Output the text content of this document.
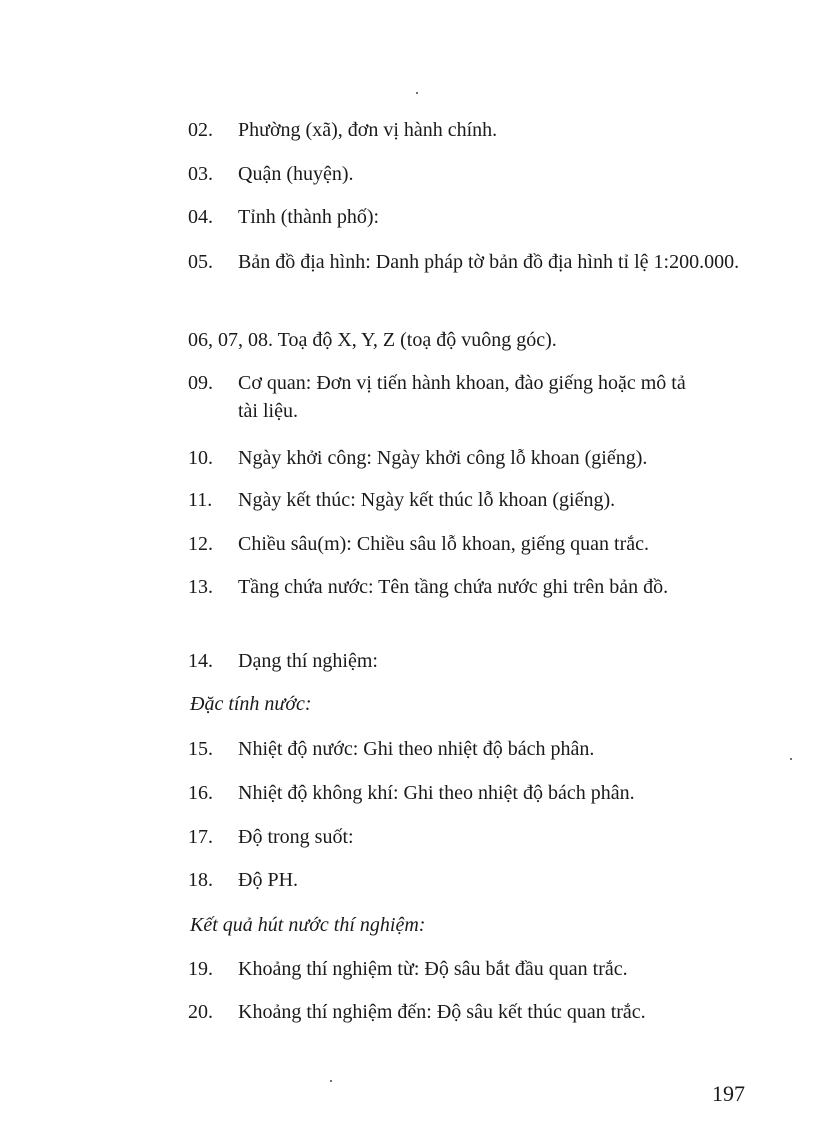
02.	Phường (xã), đơn vị hành chính.
03.	Quận (huyện).
04.	Tỉnh (thành phố):
05.	Bản đồ địa hình: Danh pháp tờ bản đồ địa hình tỉ lệ 1:200.000.
06, 07, 08. Toạ độ X, Y, Z (toạ độ vuông góc).
09.	Cơ quan: Đơn vị tiến hành khoan, đào giếng hoặc mô tả tài liệu.
10.	Ngày khởi công: Ngày khởi công lỗ khoan (giếng).
11.	Ngày kết thúc: Ngày kết thúc lỗ khoan (giếng).
12.	Chiều sâu(m): Chiều sâu lỗ khoan, giếng quan trắc.
13.	Tầng chứa nước: Tên tầng chứa nước ghi trên bản đồ.
14.	Dạng thí nghiệm:
Đặc tính nước:
15.	Nhiệt độ nước: Ghi theo nhiệt độ bách phân.
16.	Nhiệt độ không khí: Ghi theo nhiệt độ bách phân.
17.	Độ trong suốt:
18.	Độ PH.
Kết quả hút nước thí nghiệm:
19.	Khoảng thí nghiệm từ: Độ sâu bắt đầu quan trắc.
20.	Khoảng thí nghiệm đến: Độ sâu kết thúc quan trắc.
197
